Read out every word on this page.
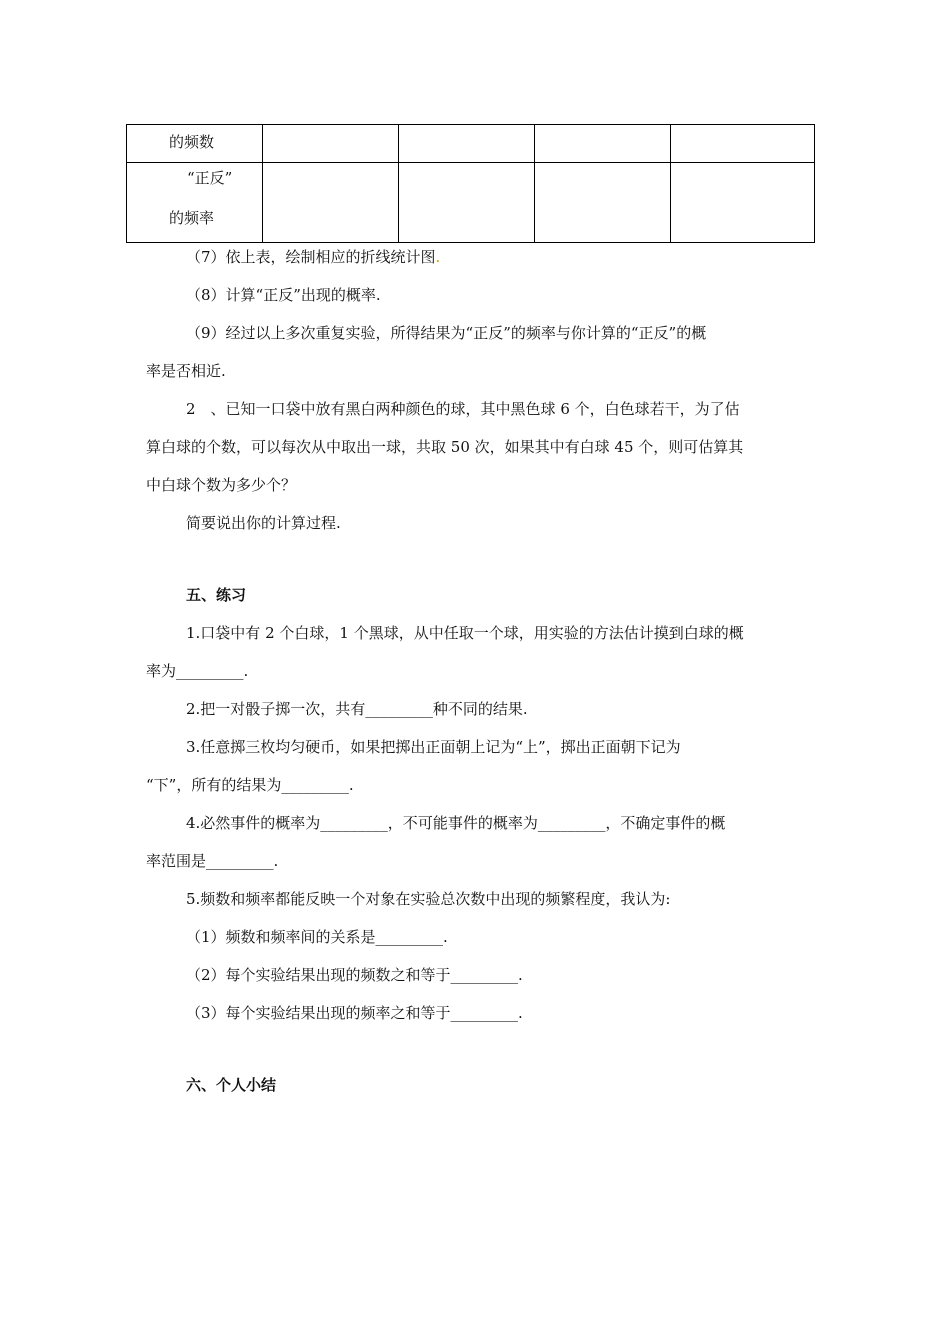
的频数				

“正反”
的频率				

（7）依上表，绘制相应的折线统计图.
（8）计算“正反”出现的概率.
（9）经过以上多次重复实验，所得结果为“正反”的频率与你计算的“正反”的概
率是否相近.
2　、已知一口袋中放有黑白两种颜色的球，其中黑色球 6 个，白色球若干，为了估
算白球的个数，可以每次从中取出一球，共取 50 次，如果其中有白球 45 个，则可估算其
中白球个数为多少个？
简要说出你的计算过程.
五、练习
1.口袋中有 2 个白球，1 个黑球，从中任取一个球，用实验的方法估计摸到白球的概
率为_________.
2.把一对骰子掷一次，共有_________种不同的结果.
3.任意掷三枚均匀硬币，如果把掷出正面朝上记为“上”，掷出正面朝下记为
“下”，所有的结果为_________.
4.必然事件的概率为_________，不可能事件的概率为_________，不确定事件的概
率范围是_________.
5.频数和频率都能反映一个对象在实验总次数中出现的频繁程度，我认为:
（1）频数和频率间的关系是_________.
（2）每个实验结果出现的频数之和等于_________.
（3）每个实验结果出现的频率之和等于_________.
六、个人小结
